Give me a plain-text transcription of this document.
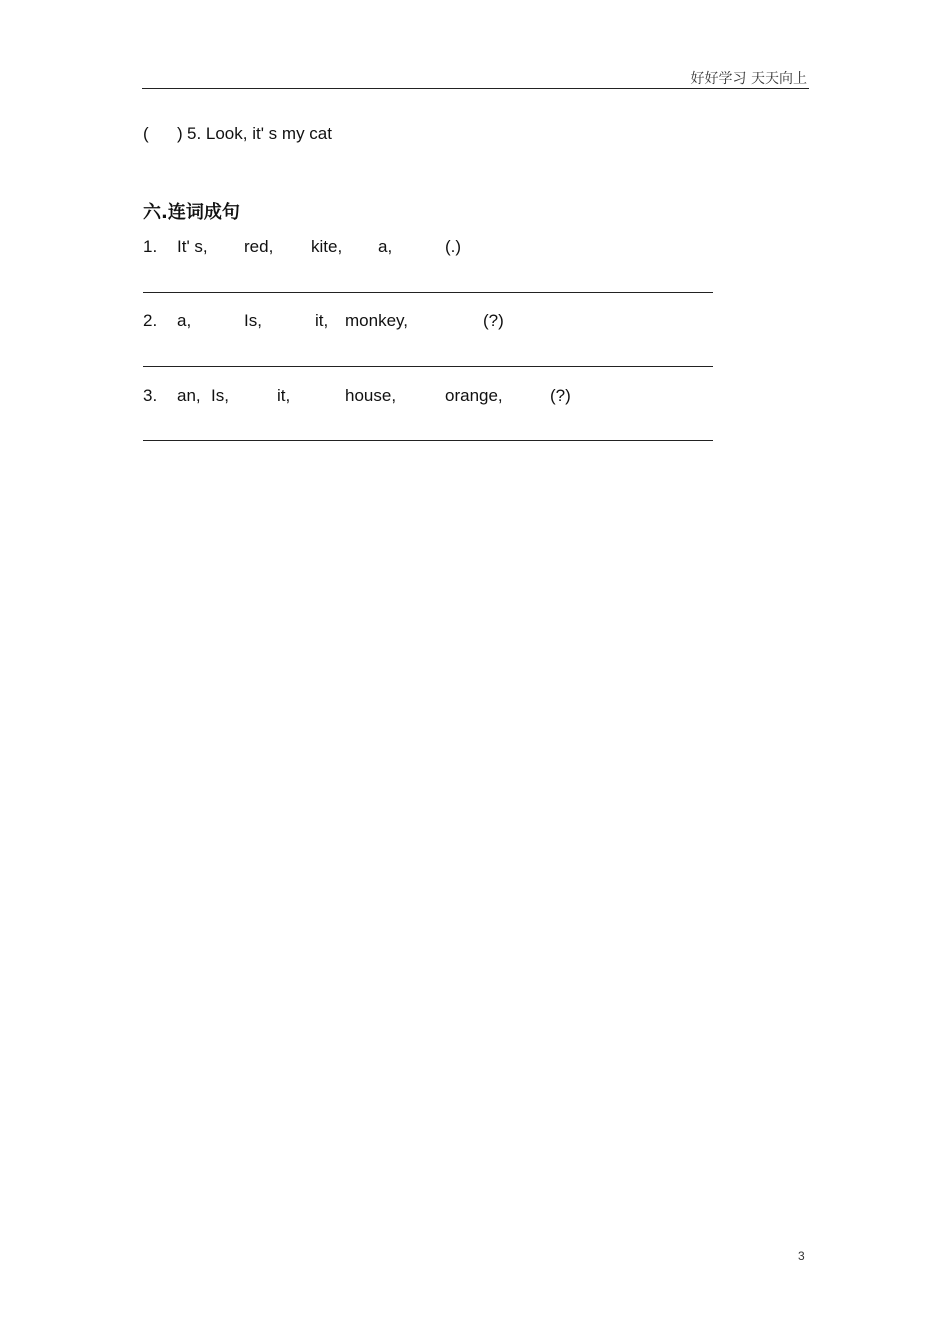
好好学习 天天向上
( ) 5. Look, it' s my cat
六.连词成句
1. It' s, red, kite, a,	(.)
2. a,	Is,	it, monkey,	(?)
3. an, Is,	it,	house,	orange,	(?)
3
